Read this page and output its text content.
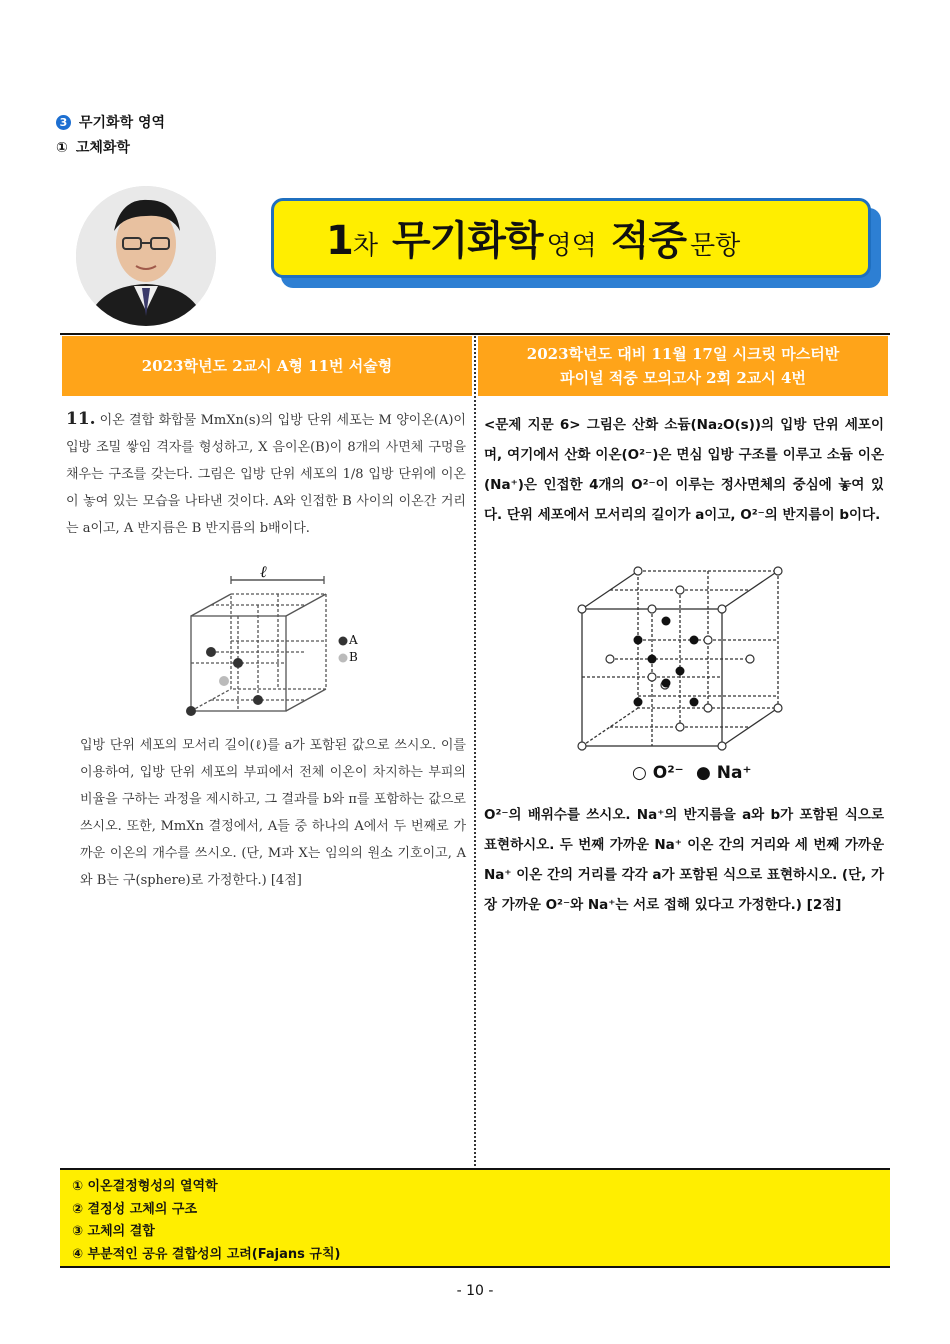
3 무기화학 영역
① 고체화학
1차 무기화학 영역 적중 문항
2023학년도 2교시 A형 11번 서술형
2023학년도 대비 11월 17일 시크릿 마스터반
파이널 적중 모의고사 2회 2교시 4번
11. 이온 결합 화합물 MmXn(s)의 입방 단위 세포는 M 양이온(A)이 입방 조밀 쌓임 격자를 형성하고, X 음이온(B)이 8개의 사면체 구멍을 채우는 구조를 갖는다. 그림은 입방 단위 세포의 1/8 입방 단위에 이온이 놓여 있는 모습을 나타낸 것이다. A와 인접한 B 사이의 이온간 거리는 a이고, A 반지름은 B 반지름의 b배이다.
ℓ
A
B
입방 단위 세포의 모서리 길이(ℓ)를 a가 포함된 값으로 쓰시오. 이를 이용하여, 입방 단위 세포의 부피에서 전체 이온이 차지하는 부피의 비율을 구하는 과정을 제시하고, 그 결과를 b와 π를 포함하는 값으로 쓰시오. 또한, MmXn 결정에서, A들 중 하나의 A에서 두 번째로 가까운 이온의 개수를 쓰시오. (단, M과 X는 임의의 원소 기호이고, A와 B는 구(sphere)로 가정한다.) [4점]
<문제 지문 6> 그림은 산화 소듐(Na₂O(s))의 입방 단위 세포이며, 여기에서 산화 이온(O²⁻)은 면심 입방 구조를 이루고 소듐 이온(Na⁺)은 인접한 4개의 O²⁻이 이루는 정사면체의 중심에 놓여 있다. 단위 세포에서 모서리의 길이가 a이고, O²⁻의 반지름이 b이다.
○ O²⁻ ● Na⁺
O²⁻의 배위수를 쓰시오. Na⁺의 반지름을 a와 b가 포함된 식으로 표현하시오. 두 번째 가까운 Na⁺ 이온 간의 거리와 세 번째 가까운 Na⁺ 이온 간의 거리를 각각 a가 포함된 식으로 표현하시오. (단, 가장 가까운 O²⁻와 Na⁺는 서로 접해 있다고 가정한다.) [2점]
① 이온결정형성의 열역학
② 결정성 고체의 구조
③ 고체의 결합
④ 부분적인 공유 결합성의 고려(Fajans 규칙)
- 10 -
